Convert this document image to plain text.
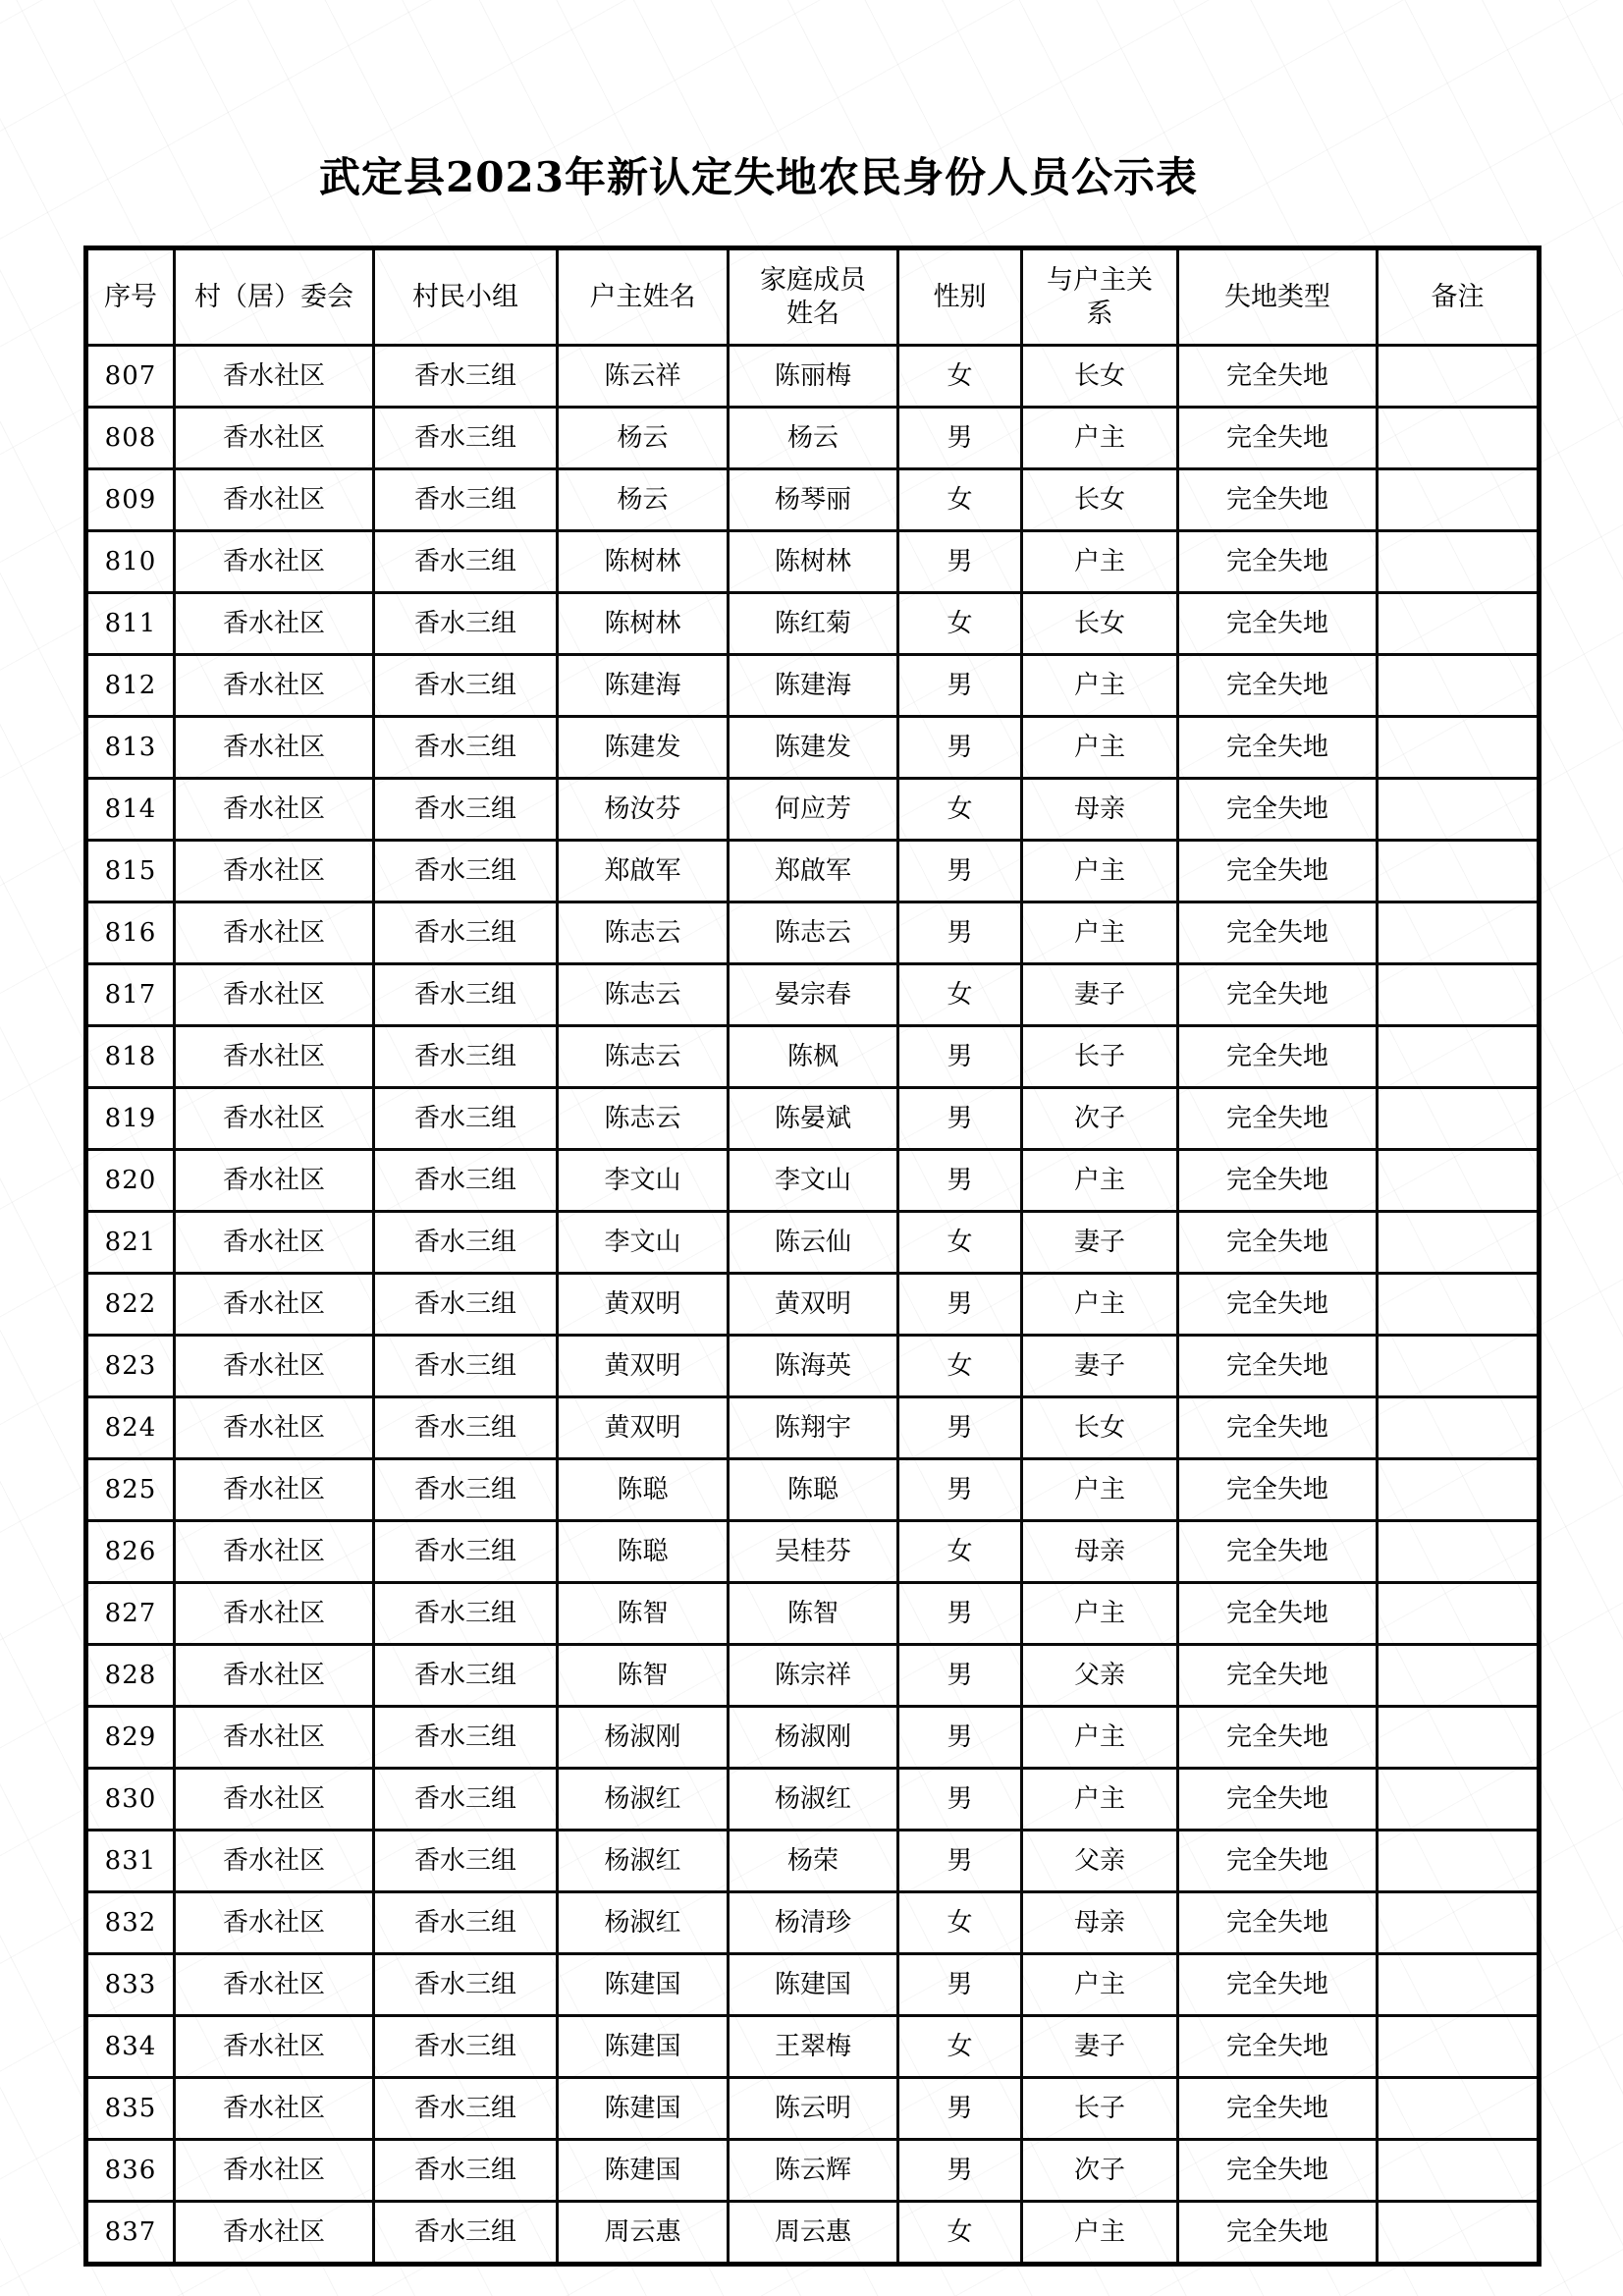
武定县2023年新认定失地农民身份人员公示表
序号	村（居）委会	村民小组	户主姓名	家庭成员姓名	性别	与户主关系	失地类型	备注
807	香水社区	香水三组	陈云祥	陈丽梅	女	长女	完全失地	
808	香水社区	香水三组	杨云	杨云	男	户主	完全失地	
809	香水社区	香水三组	杨云	杨琴丽	女	长女	完全失地	
810	香水社区	香水三组	陈树林	陈树林	男	户主	完全失地	
811	香水社区	香水三组	陈树林	陈红菊	女	长女	完全失地	
812	香水社区	香水三组	陈建海	陈建海	男	户主	完全失地	
813	香水社区	香水三组	陈建发	陈建发	男	户主	完全失地	
814	香水社区	香水三组	杨汝芬	何应芳	女	母亲	完全失地	
815	香水社区	香水三组	郑啟军	郑啟军	男	户主	完全失地	
816	香水社区	香水三组	陈志云	陈志云	男	户主	完全失地	
817	香水社区	香水三组	陈志云	晏宗春	女	妻子	完全失地	
818	香水社区	香水三组	陈志云	陈枫	男	长子	完全失地	
819	香水社区	香水三组	陈志云	陈晏斌	男	次子	完全失地	
820	香水社区	香水三组	李文山	李文山	男	户主	完全失地	
821	香水社区	香水三组	李文山	陈云仙	女	妻子	完全失地	
822	香水社区	香水三组	黄双明	黄双明	男	户主	完全失地	
823	香水社区	香水三组	黄双明	陈海英	女	妻子	完全失地	
824	香水社区	香水三组	黄双明	陈翔宇	男	长女	完全失地	
825	香水社区	香水三组	陈聪	陈聪	男	户主	完全失地	
826	香水社区	香水三组	陈聪	吴桂芬	女	母亲	完全失地	
827	香水社区	香水三组	陈智	陈智	男	户主	完全失地	
828	香水社区	香水三组	陈智	陈宗祥	男	父亲	完全失地	
829	香水社区	香水三组	杨淑刚	杨淑刚	男	户主	完全失地	
830	香水社区	香水三组	杨淑红	杨淑红	男	户主	完全失地	
831	香水社区	香水三组	杨淑红	杨荣	男	父亲	完全失地	
832	香水社区	香水三组	杨淑红	杨清珍	女	母亲	完全失地	
833	香水社区	香水三组	陈建国	陈建国	男	户主	完全失地	
834	香水社区	香水三组	陈建国	王翠梅	女	妻子	完全失地	
835	香水社区	香水三组	陈建国	陈云明	男	长子	完全失地	
836	香水社区	香水三组	陈建国	陈云辉	男	次子	完全失地	
837	香水社区	香水三组	周云惠	周云惠	女	户主	完全失地	
